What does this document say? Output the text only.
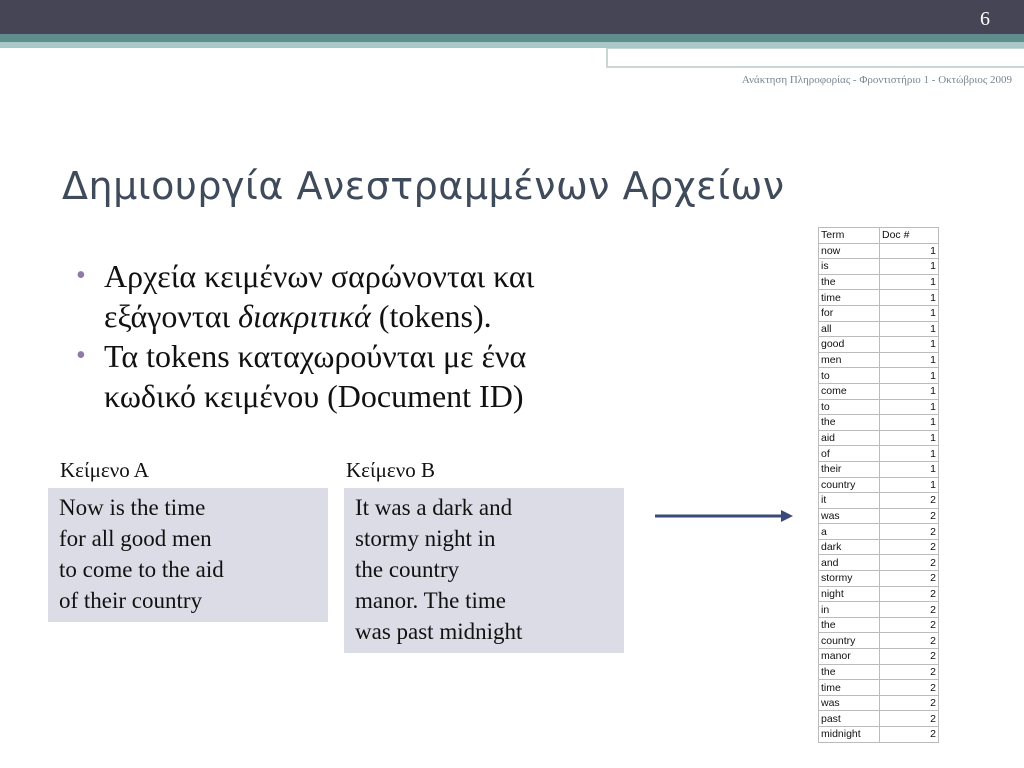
6
Ανάκτηση Πληροφορίας - Φροντιστήριο 1 - Οκτώβριος 2009
Δημιουργία Ανεστραμμένων Αρχείων
• Αρχεία κειμένων σαρώνονται και
εξάγονται διακριτικά (tokens).
• Τα tokens καταχωρούνται με ένα
κωδικό κειμένου (Document ID)
Κείμενο Α	Κείμενο Β
Now is the time
for all good men
to come to the aid
of their country
It was a dark and
stormy night in
the country
manor. The time
was past midnight
Term	Doc #
now	1
is	1
the	1
time	1
for	1
all	1
good	1
men	1
to	1
come	1
to	1
the	1
aid	1
of	1
their	1
country	1
it	2
was	2
a	2
dark	2
and	2
stormy	2
night	2
in	2
the	2
country	2
manor	2
the	2
time	2
was	2
past	2
midnight	2
